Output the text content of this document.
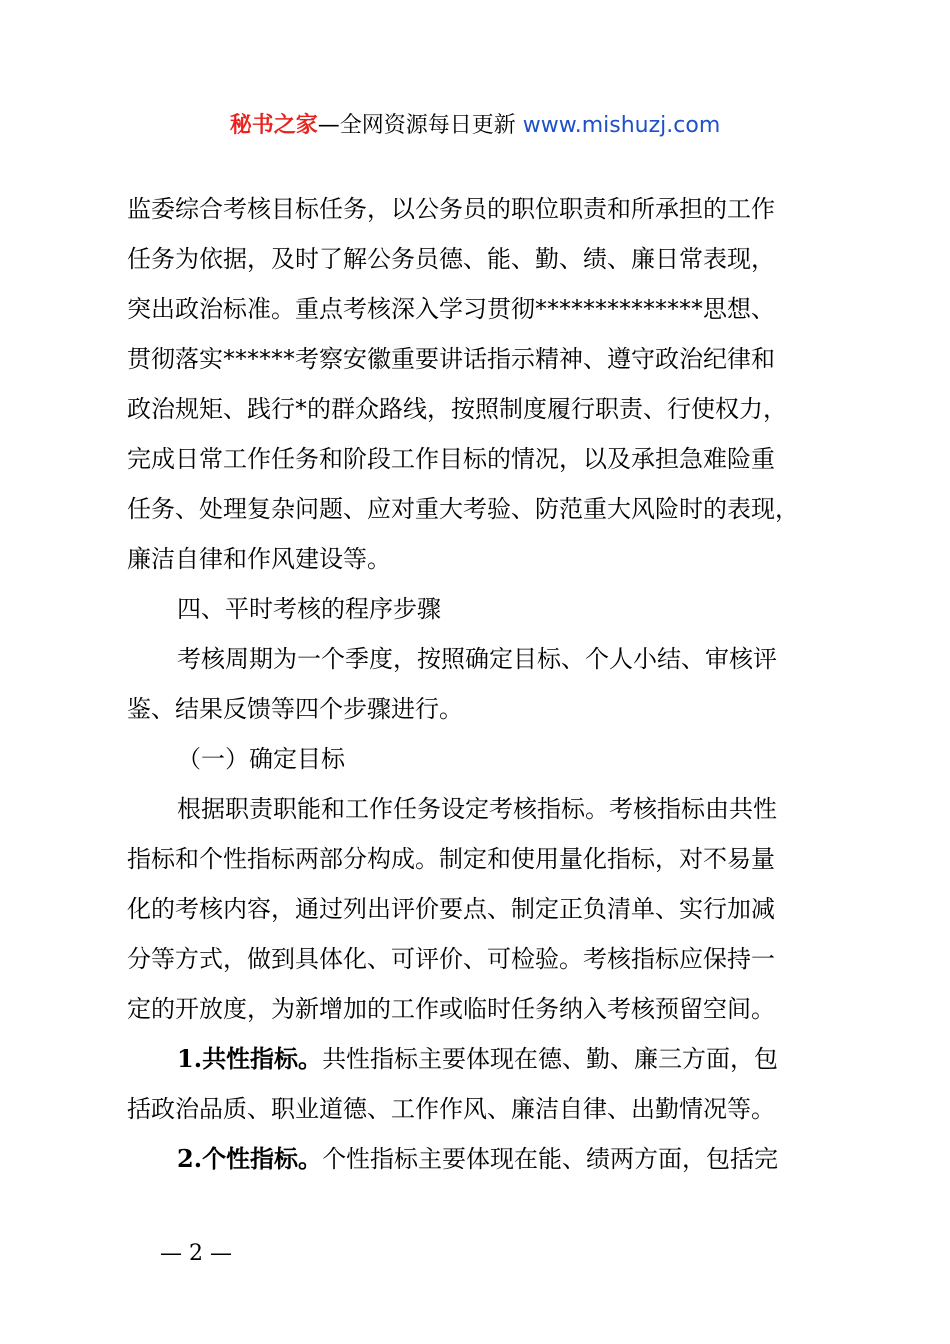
秘书之家—全网资源每日更新 www.mishuzj.com
监委综合考核目标任务，以公务员的职位职责和所承担的工作
任务为依据，及时了解公务员德、能、勤、绩、廉日常表现，
突出政治标准。重点考核深入学习贯彻**************思想、
贯彻落实******考察安徽重要讲话指示精神、遵守政治纪律和
政治规矩、践行*的群众路线，按照制度履行职责、行使权力，
完成日常工作任务和阶段工作目标的情况，以及承担急难险重
任务、处理复杂问题、应对重大考验、防范重大风险时的表现，
廉洁自律和作风建设等。
四、平时考核的程序步骤
考核周期为一个季度，按照确定目标、个人小结、审核评
鉴、结果反馈等四个步骤进行。
（一）确定目标
根据职责职能和工作任务设定考核指标。考核指标由共性
指标和个性指标两部分构成。制定和使用量化指标，对不易量
化的考核内容，通过列出评价要点、制定正负清单、实行加减
分等方式，做到具体化、可评价、可检验。考核指标应保持一
定的开放度，为新增加的工作或临时任务纳入考核预留空间。
1.共性指标。共性指标主要体现在德、勤、廉三方面，包
括政治品质、职业道德、工作作风、廉洁自律、出勤情况等。
2.个性指标。个性指标主要体现在能、绩两方面，包括完
— 2 —
